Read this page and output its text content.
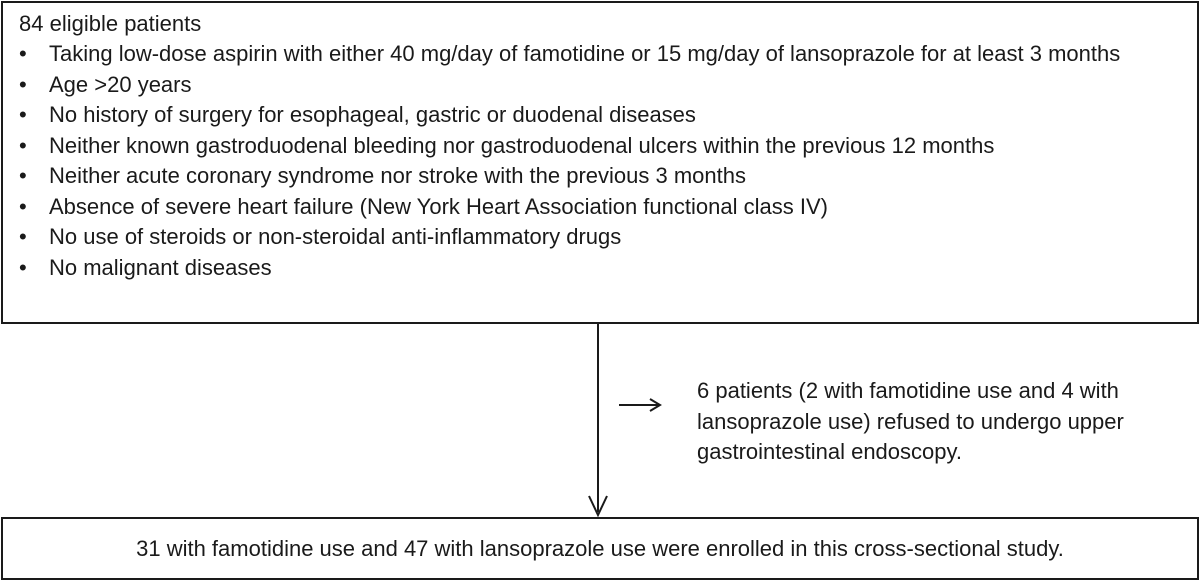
84 eligible patients

•	Taking low-dose aspirin with either 40 mg/day of famotidine or 15 mg/day of lansoprazole for at least 3 months
•	Age >20 years
•	No history of surgery for esophageal, gastric or duodenal diseases
•	Neither known gastroduodenal bleeding nor gastroduodenal ulcers within the previous 12 months
•	Neither acute coronary syndrome nor stroke with the previous 3 months
•	Absence of severe heart failure (New York Heart Association functional class IV)
•	No use of steroids or non-steroidal anti-inflammatory drugs
•	No malignant diseases
6 patients (2 with famotidine use and 4 with lansoprazole use) refused to undergo upper gastrointestinal endoscopy.
31 with famotidine use and 47 with lansoprazole use were enrolled in this cross-sectional study.
